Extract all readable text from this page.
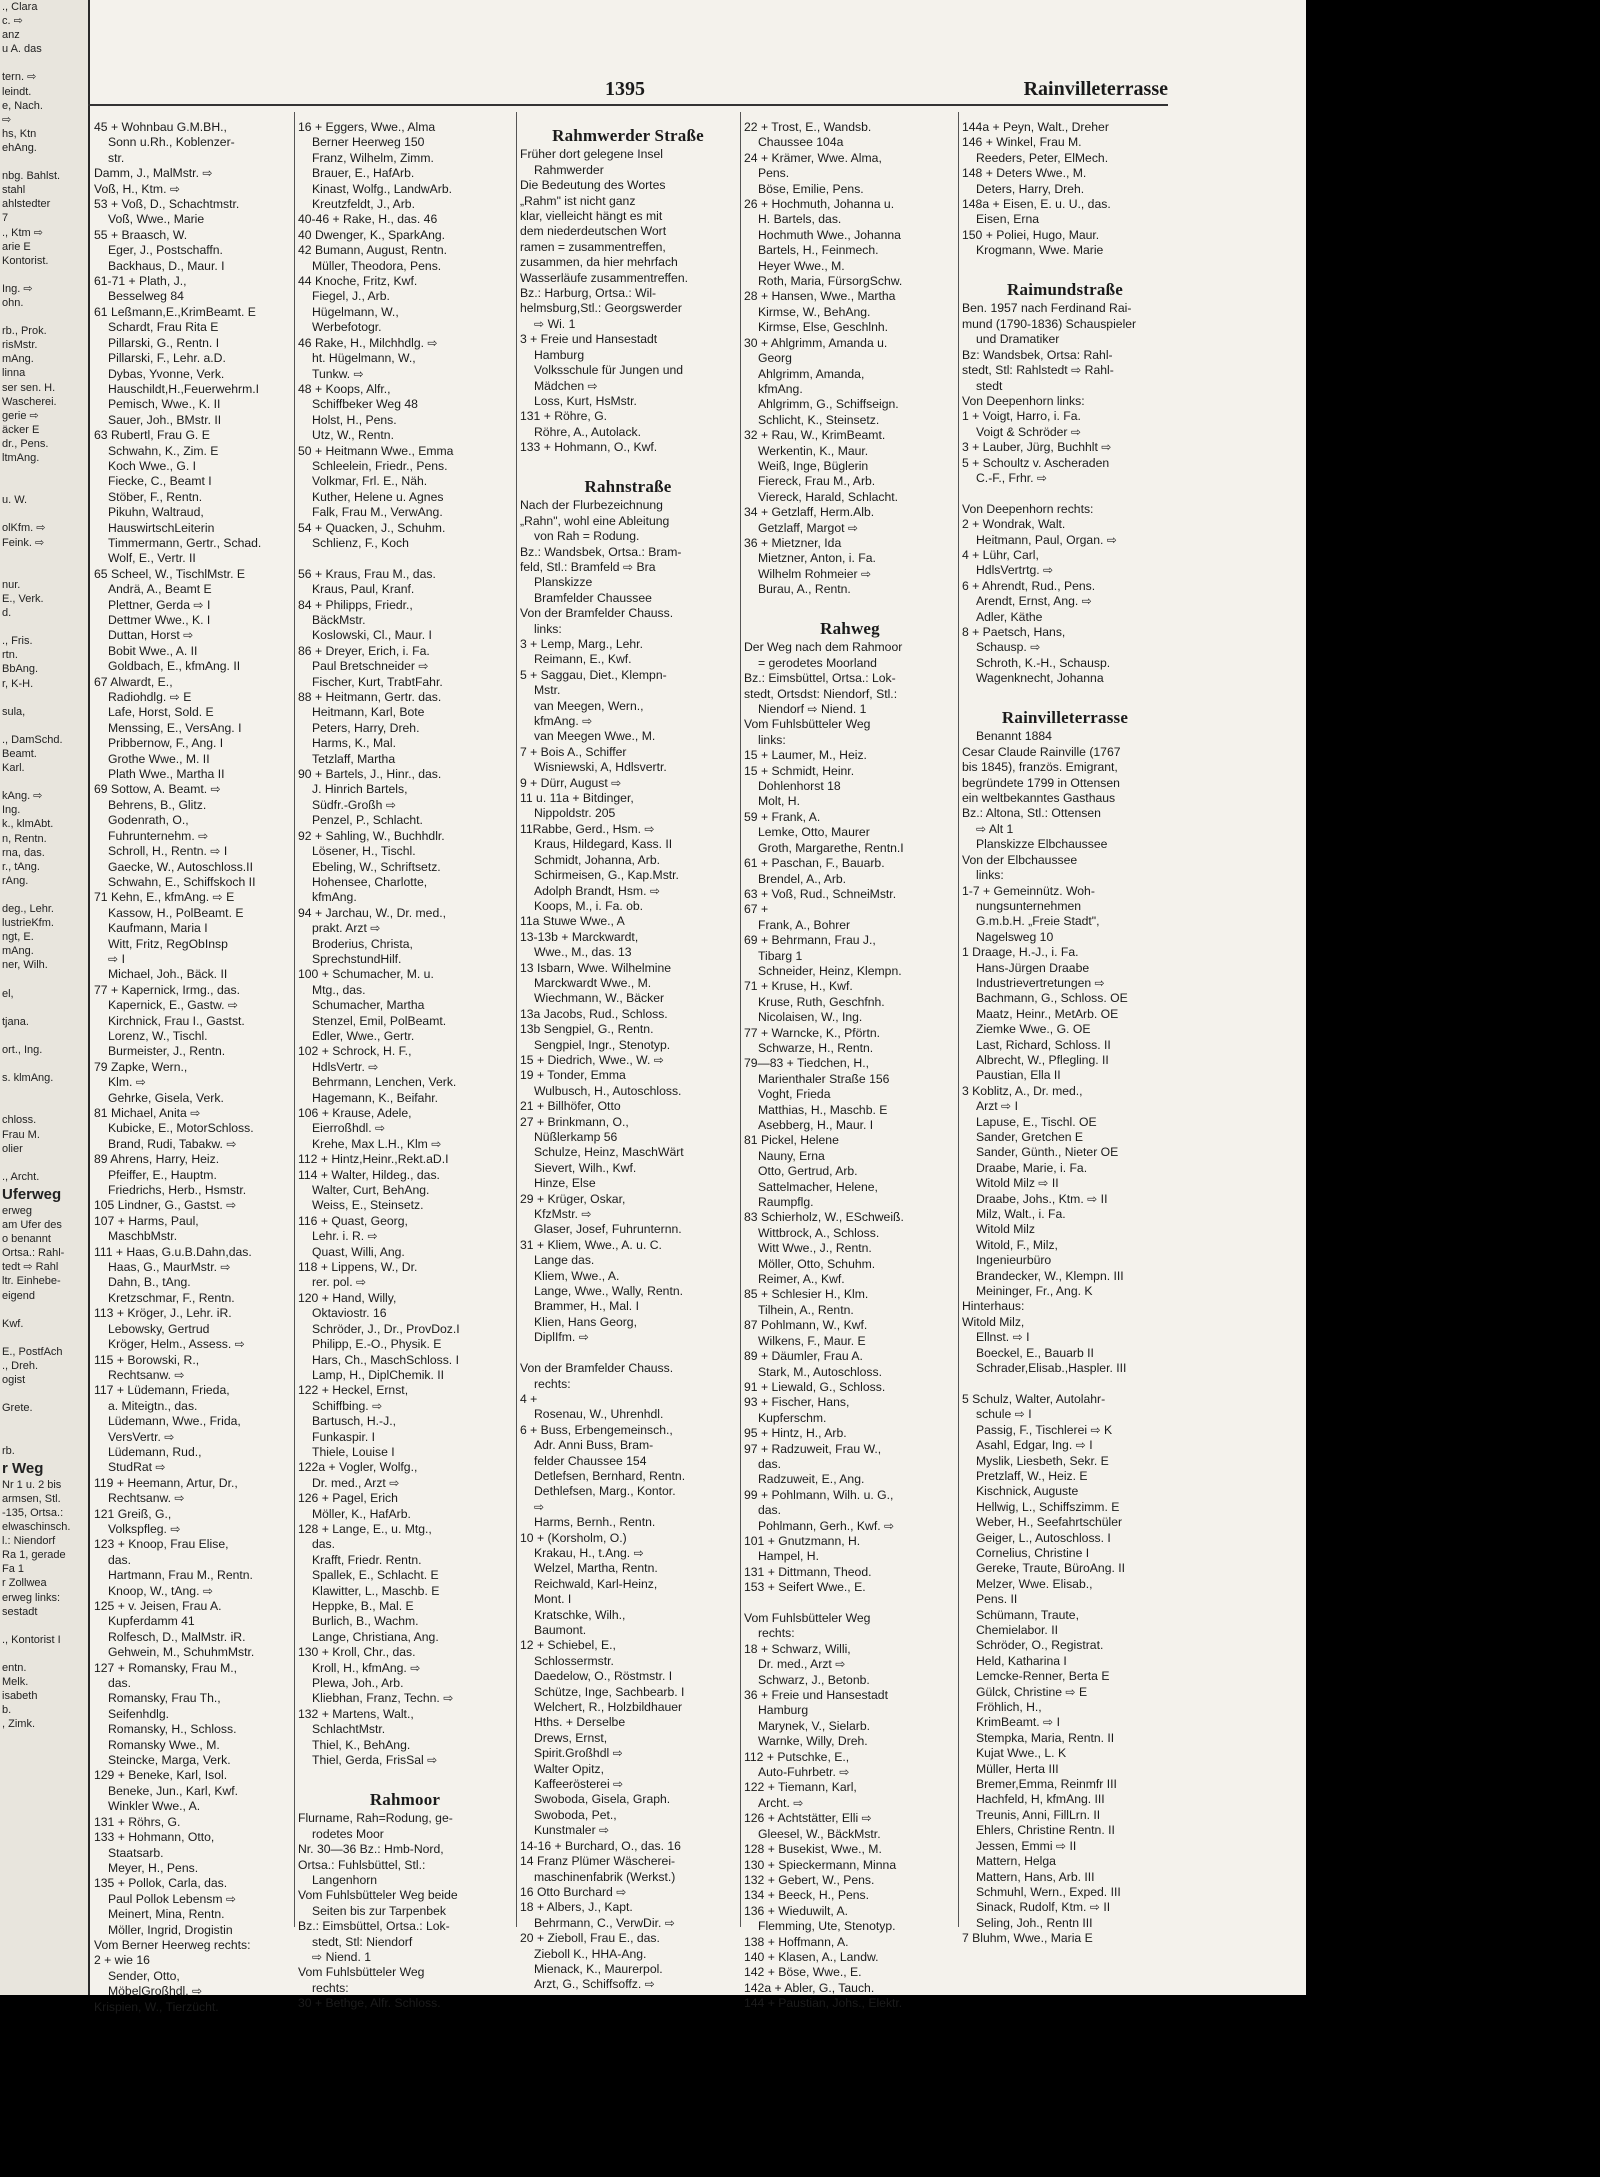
., Clara
c. ⇨
anz
u A. das

tern. ⇨
leindt.
e, Nach.
⇨
hs, Ktn
ehAng.

nbg. Bahlst.
stahl
ahlstedter
7
., Ktm ⇨
arie E
Kontorist.

Ing. ⇨
ohn.

rb., Prok.
risMstr.
mAng.
linna
ser sen. H.
Wascherei.
gerie ⇨
äcker E
dr., Pens.
ltmAng.

u. W.

olKfm. ⇨
Feink. ⇨

nur.
E., Verk.
d.

., Fris.
rtn.
BbAng.
r, K-H.

sula,

., DamSchd.
Beamt.
Karl.

kAng. ⇨
Ing.
k., klmAbt.
n, Rentn.
rna, das.
r., tAng.
rAng.

deg., Lehr.
lustrieKfm.
ngt, E.
mAng.
ner, Wilh.

el,

tjana.

ort., Ing.

s. klmAng.

chloss.
Frau M.
olier

., Archt.
Uferweg
erweg
am Ufer des
o benannt
Ortsa.: Rahl-
tedt ⇨ Rahl
ltr. Einhebe-
eigend

Kwf.

E., PostfAch
., Dreh.
ogist

Grete.

rb.
r Weg
Nr 1 u. 2 bis
armsen, Stl.
-135, Ortsa.:
elwaschinsch.
l.: Niendorf
Ra 1, gerade
Fa 1
r Zollwea
erweg links:
sestadt

., Kontorist I

entn.
Melk.
isabeth
b.
, Zimk.
1395	Rainvilleterrasse
45 + Wohnbau G.M.BH.,
Sonn u.Rh., Koblenzer-
str.
Damm, J., MalMstr. ⇨
Voß, H., Ktm. ⇨
53 + Voß, D., Schachtmstr.
Voß, Wwe., Marie
55 + Braasch, W.
Eger, J., Postschaffn.
Backhaus, D., Maur. I
61-71 + Plath, J.,
Besselweg 84
61 Leßmann,E.,KrimBeamt. E
Schardt, Frau Rita E
Pillarski, G., Rentn. I
Pillarski, F., Lehr. a.D.
Dybas, Yvonne, Verk.
Hauschildt,H.,Feuerwehrm.I
Pemisch, Wwe., K. II
Sauer, Joh., BMstr. II
63 Rubertl, Frau G. E
Schwahn, K., Zim. E
Koch Wwe., G. I
Fiecke, C., Beamt I
Stöber, F., Rentn.
Pikuhn, Waltraud,
HauswirtschLeiterin
Timmermann, Gertr., Schad.
Wolf, E., Vertr. II
65 Scheel, W., TischlMstr. E
Andrä, A., Beamt E
Plettner, Gerda ⇨ I
Dettmer Wwe., K. I
Duttan, Horst ⇨
Bobit Wwe., A. II
Goldbach, E., kfmAng. II
67 Alwardt, E.,
Radiohdlg. ⇨ E
Lafe, Horst, Sold. E
Menssing, E., VersAng. I
Pribbernow, F., Ang. I
Grothe Wwe., M. II
Plath Wwe., Martha II
69 Sottow, A. Beamt. ⇨
Behrens, B., Glitz.
Godenrath, O.,
Fuhrunternehm. ⇨
Schroll, H., Rentn. ⇨ I
Gaecke, W., Autoschloss.II
Schwahn, E., Schiffskoch II
71 Kehn, E., kfmAng. ⇨ E
Kassow, H., PolBeamt. E
Kaufmann, Maria I
Witt, Fritz, RegObInsp
⇨ I
Michael, Joh., Bäck. II
77 + Kapernick, Irmg., das.
Kapernick, E., Gastw. ⇨
Kirchnick, Frau I., Gastst.
Lorenz, W., Tischl.
Burmeister, J., Rentn.
79 Zapke, Wern.,
Klm. ⇨
Gehrke, Gisela, Verk.
81 Michael, Anita ⇨
Kubicke, E., MotorSchloss.
Brand, Rudi, Tabakw. ⇨
89 Ahrens, Harry, Heiz.
Pfeiffer, E., Hauptm.
Friedrichs, Herb., Hsmstr.
105 Lindner, G., Gastst. ⇨
107 + Harms, Paul,
MaschbMstr.
111 + Haas, G.u.B.Dahn,das.
Haas, G., MaurMstr. ⇨
Dahn, B., tAng.
Kretzschmar, F., Rentn.
113 + Kröger, J., Lehr. iR.
Lebowsky, Gertrud
Kröger, Helm., Assess. ⇨
115 + Borowski, R.,
Rechtsanw. ⇨
117 + Lüdemann, Frieda,
a. Miteigtn., das.
Lüdemann, Wwe., Frida,
VersVertr. ⇨
Lüdemann, Rud.,
StudRat ⇨
119 + Heemann, Artur, Dr.,
Rechtsanw. ⇨
121 Greiß, G.,
Volkspfleg. ⇨
123 + Knoop, Frau Elise,
das.
Hartmann, Frau M., Rentn.
Knoop, W., tAng. ⇨
125 + v. Jeisen, Frau A.
Kupferdamm 41
Rolfesch, D., MalMstr. iR.
Gehwein, M., SchuhmMstr.
127 + Romansky, Frau M.,
das.
Romansky, Frau Th.,
Seifenhdlg.
Romansky, H., Schloss.
Romansky Wwe., M.
Steincke, Marga, Verk.
129 + Beneke, Karl, Isol.
Beneke, Jun., Karl, Kwf.
Winkler Wwe., A.
131 + Röhrs, G.
133 + Hohmann, Otto,
Staatsarb.
Meyer, H., Pens.
135 + Pollok, Carla, das.
Paul Pollok Lebensm ⇨
Meinert, Mina, Rentn.
Möller, Ingrid, Drogistin
Vom Berner Heerweg rechts:
2 + wie 16
Sender, Otto,
MöbelGroßhdl. ⇨
Krispien, W., Tierzücht.
16 + Eggers, Wwe., Alma
Berner Heerweg 150
Franz, Wilhelm, Zimm.
Brauer, E., HafArb.
Kinast, Wolfg., LandwArb.
Kreutzfeldt, J., Arb.
40-46 + Rake, H., das. 46
40 Dwenger, K., SparkAng.
42 Bumann, August, Rentn.
Müller, Theodora, Pens.
44 Knoche, Fritz, Kwf.
Fiegel, J., Arb.
Hügelmann, W.,
Werbefotogr.
46 Rake, H., Milchhdlg. ⇨
ht. Hügelmann, W.,
Tunkw. ⇨
48 + Koops, Alfr.,
Schiffbeker Weg 48
Holst, H., Pens.
Utz, W., Rentn.
50 + Heitmann Wwe., Emma
Schleelein, Friedr., Pens.
Volkmar, Frl. E., Näh.
Kuther, Helene u. Agnes
Falk, Frau M., VerwAng.
54 + Quacken, J., Schuhm.
Schlienz, F., Koch

56 + Kraus, Frau M., das.
Kraus, Paul, Kranf.
84 + Philipps, Friedr.,
BäckMstr.
Koslowski, Cl., Maur. I
86 + Dreyer, Erich, i. Fa.
Paul Bretschneider ⇨
Fischer, Kurt, TrabtFahr.
88 + Heitmann, Gertr. das.
Heitmann, Karl, Bote
Peters, Harry, Dreh.
Harms, K., Mal.
Tetzlaff, Martha
90 + Bartels, J., Hinr., das.
J. Hinrich Bartels,
Südfr.-Großh ⇨
Penzel, P., Schlacht.
92 + Sahling, W., Buchhdlr.
Lösener, H., Tischl.
Ebeling, W., Schriftsetz.
Hohensee, Charlotte,
kfmAng.
94 + Jarchau, W., Dr. med.,
prakt. Arzt ⇨
Broderius, Christa,
SprechstundHilf.
100 + Schumacher, M. u.
Mtg., das.
Schumacher, Martha
Stenzel, Emil, PolBeamt.
Edler, Wwe., Gertr.
102 + Schrock, H. F.,
HdlsVertr. ⇨
Behrmann, Lenchen, Verk.
Hagemann, K., Beifahr.
106 + Krause, Adele,
Eierroßhdl. ⇨
Krehe, Max L.H., Klm ⇨
112 + Hintz,Heinr.,Rekt.aD.I
114 + Walter, Hildeg., das.
Walter, Curt, BehAng.
Weiss, E., Steinsetz.
116 + Quast, Georg,
Lehr. i. R. ⇨
Quast, Willi, Ang.
118 + Lippens, W., Dr.
rer. pol. ⇨
120 + Hand, Willy,
Oktaviostr. 16
Schröder, J., Dr., ProvDoz.I
Philipp, E.-O., Physik. E
Hars, Ch., MaschSchloss. I
Lamp, H., DiplChemik. II
122 + Heckel, Ernst,
Schiffbing. ⇨
Bartusch, H.-J.,
Funkaspir. I
Thiele, Louise I
122a + Vogler, Wolfg.,
Dr. med., Arzt ⇨
126 + Pagel, Erich
Möller, K., HafArb.
128 + Lange, E., u. Mtg.,
das.
Krafft, Friedr. Rentn.
Spallek, E., Schlacht. E
Klawitter, L., Maschb. E
Heppke, B., Mal. E
Burlich, B., Wachm.
Lange, Christiana, Ang.
130 + Kroll, Chr., das.
Kroll, H., kfmAng. ⇨
Plewa, Joh., Arb.
Kliebhan, Franz, Techn. ⇨
132 + Martens, Walt.,
SchlachtMstr.
Thiel, K., BehAng.
Thiel, Gerda, FrisSal ⇨

Rahmoor
Flurname, Rah=Rodung, ge-
rodetes Moor
Nr. 30—36 Bz.: Hmb-Nord,
Ortsa.: Fuhlsbüttel, Stl.:
Langenhorn
Vom Fuhlsbütteler Weg beide
Seiten bis zur Tarpenbek
Bz.: Eimsbüttel, Ortsa.: Lok-
stedt, Stl: Niendorf
⇨ Niend. 1
Vom Fuhlsbütteler Weg
rechts:
30 + Bethge, Alfr. Schloss.
Rahmwerder Straße
Früher dort gelegene Insel
Rahmwerder
Die Bedeutung des Wortes
„Rahm" ist nicht ganz
klar, vielleicht hängt es mit
dem niederdeutschen Wort
ramen = zusammentreffen,
zusammen, da hier mehrfach
Wasserläufe zusammentreffen.
Bz.: Harburg, Ortsa.: Wil-
helmsburg,Stl.: Georgswerder
⇨ Wi. 1
3 + Freie und Hansestadt
Hamburg
Volksschule für Jungen und
Mädchen ⇨
Loss, Kurt, HsMstr.
131 + Röhre, G.
Röhre, A., Autolack.
133 + Hohmann, O., Kwf.

Rahnstraße
Nach der Flurbezeichnung
„Rahn", wohl eine Ableitung
von Rah = Rodung.
Bz.: Wandsbek, Ortsa.: Bram-
feld, Stl.: Bramfeld ⇨ Bra
Planskizze
Bramfelder Chaussee
Von der Bramfelder Chauss.
links:
3 + Lemp, Marg., Lehr.
Reimann, E., Kwf.
5 + Saggau, Diet., Klempn-
Mstr.
van Meegen, Wern.,
kfmAng. ⇨
van Meegen Wwe., M.
7 + Bois A., Schiffer
Wisniewski, A, Hdlsvertr.
9 + Dürr, August ⇨
11 u. 11a + Bitdinger,
Nippoldstr. 205
11Rabbe, Gerd., Hsm. ⇨
Kraus, Hildegard, Kass. II
Schmidt, Johanna, Arb.
Schirmeisen, G., Kap.Mstr.
Adolph Brandt, Hsm. ⇨
Koops, M., i. Fa. ob.
11a Stuwe Wwe., A
13-13b + Marckwardt,
Wwe., M., das. 13
13 Isbarn, Wwe. Wilhelmine
Marckwardt Wwe., M.
Wiechmann, W., Bäcker
13a Jacobs, Rud., Schloss.
13b Sengpiel, G., Rentn.
Sengpiel, Ingr., Stenotyp.
15 + Diedrich, Wwe., W. ⇨
19 + Tonder, Emma
Wulbusch, H., Autoschloss.
21 + Billhöfer, Otto
27 + Brinkmann, O.,
Nüßlerkamp 56
Schulze, Heinz, MaschWärt
Sievert, Wilh., Kwf.
Hinze, Else
29 + Krüger, Oskar,
KfzMstr. ⇨
Glaser, Josef, Fuhrunternn.
31 + Kliem, Wwe., A. u. C.
Lange das.
Kliem, Wwe., A.
Lange, Wwe., Wally, Rentn.
Brammer, H., Mal. I
Klien, Hans Georg,
DiplIfm. ⇨

Von der Bramfelder Chauss.
rechts:
4 +
Rosenau, W., Uhrenhdl.
6 + Buss, Erbengemeinsch.,
Adr. Anni Buss, Bram-
felder Chaussee 154
Detlefsen, Bernhard, Rentn.
Dethlefsen, Marg., Kontor.
⇨
Harms, Bernh., Rentn.
10 + (Korsholm, O.)
Krakau, H., t.Ang. ⇨
Welzel, Martha, Rentn.
Reichwald, Karl-Heinz,
Mont. I
Kratschke, Wilh.,
Baumont.
12 + Schiebel, E.,
Schlossermstr.
Daedelow, O., Röstmstr. I
Schütze, Inge, Sachbearb. I
Welchert, R., Holzbildhauer
Hths. + Derselbe
Drews, Ernst,
Spirit.Großhdl ⇨
Walter Opitz,
Kaffeerösterei ⇨
Swoboda, Gisela, Graph.
Swoboda, Pet.,
Kunstmaler ⇨
14-16 + Burchard, O., das. 16
14 Franz Plümer Wäscherei-
maschinenfabrik (Werkst.)
16 Otto Burchard ⇨
18 + Albers, J., Kapt.
Behrmann, C., VerwDir. ⇨
20 + Zieboll, Frau E., das.
Zieboll K., HHA-Ang.
Mienack, K., Maurerpol.
Arzt, G., Schiffsoffz. ⇨
22 + Trost, E., Wandsb.
Chaussee 104a
24 + Krämer, Wwe. Alma,
Pens.
Böse, Emilie, Pens.
26 + Hochmuth, Johanna u.
H. Bartels, das.
Hochmuth Wwe., Johanna
Bartels, H., Feinmech.
Heyer Wwe., M.
Roth, Maria, FürsorgSchw.
28 + Hansen, Wwe., Martha
Kirmse, W., BehAng.
Kirmse, Else, Geschlnh.
30 + Ahlgrimm, Amanda u.
Georg
Ahlgrimm, Amanda,
kfmAng.
Ahlgrimm, G., Schiffseign.
Schlicht, K., Steinsetz.
32 + Rau, W., KrimBeamt.
Werkentin, K., Maur.
Weiß, Inge, Büglerin
Fiereck, Frau M., Arb.
Viereck, Harald, Schlacht.
34 + Getzlaff, Herm.Alb.
Getzlaff, Margot ⇨
36 + Mietzner, Ida
Mietzner, Anton, i. Fa.
Wilhelm Rohmeier ⇨
Burau, A., Rentn.

Rahweg
Der Weg nach dem Rahmoor
= gerodetes Moorland
Bz.: Eimsbüttel, Ortsa.: Lok-
stedt, Ortsdst: Niendorf, Stl.:
Niendorf ⇨ Niend. 1
Vom Fuhlsbütteler Weg
links:
15 + Laumer, M., Heiz.
15 + Schmidt, Heinr.
Dohlenhorst 18
Molt, H.
59 + Frank, A.
Lemke, Otto, Maurer
Groth, Margarethe, Rentn.I
61 + Paschan, F., Bauarb.
Brendel, A., Arb.
63 + Voß, Rud., SchneiMstr.
67 +
Frank, A., Bohrer
69 + Behrmann, Frau J.,
Tibarg 1
Schneider, Heinz, Klempn.
71 + Kruse, H., Kwf.
Kruse, Ruth, Geschfnh.
Nicolaisen, W., Ing.
77 + Warncke, K., Pförtn.
Schwarze, H., Rentn.
79—83 + Tiedchen, H.,
Marienthaler Straße 156
Voght, Frieda
Matthias, H., Maschb. E
Asebberg, H., Maur. I
81 Pickel, Helene
Nauny, Erna
Otto, Gertrud, Arb.
Sattelmacher, Helene,
Raumpflg.
83 Schierholz, W., ESchweiß.
Wittbrock, A., Schloss.
Witt Wwe., J., Rentn.
Möller, Otto, Schuhm.
Reimer, A., Kwf.
85 + Schlesier H., Klm.
Tilhein, A., Rentn.
87 Pohlmann, W., Kwf.
Wilkens, F., Maur. E
89 + Däumler, Frau A.
Stark, M., Autoschloss.
91 + Liewald, G., Schloss.
93 + Fischer, Hans,
Kupferschm.
95 + Hintz, H., Arb.
97 + Radzuweit, Frau W.,
das.
Radzuweit, E., Ang.
99 + Pohlmann, Wilh. u. G.,
das.
Pohlmann, Gerh., Kwf. ⇨
101 + Gnutzmann, H.
Hampel, H.
131 + Dittmann, Theod.
153 + Seifert Wwe., E.

Vom Fuhlsbütteler Weg
rechts:
18 + Schwarz, Willi,
Dr. med., Arzt ⇨
Schwarz, J., Betonb.
36 + Freie und Hansestadt
Hamburg
Marynek, V., Sielarb.
Warnke, Willy, Dreh.
112 + Putschke, E.,
Auto-Fuhrbetr. ⇨
122 + Tiemann, Karl,
Archt. ⇨
126 + Achtstätter, Elli ⇨
Gleesel, W., BäckMstr.
128 + Busekist, Wwe., M.
130 + Spieckermann, Minna
132 + Gebert, W., Pens.
134 + Beeck, H., Pens.
136 + Wieduwilt, A.
Flemming, Ute, Stenotyp.
138 + Hoffmann, A.
140 + Klasen, A., Landw.
142 + Böse, Wwe., E.
142a + Abler, G., Tauch.
144 + Paustian, Johs., Elektr.
144a + Peyn, Walt., Dreher
146 + Winkel, Frau M.
Reeders, Peter, ElMech.
148 + Deters Wwe., M.
Deters, Harry, Dreh.
148a + Eisen, E. u. U., das.
Eisen, Erna
150 + Poliei, Hugo, Maur.
Krogmann, Wwe. Marie

Raimundstraße
Ben. 1957 nach Ferdinand Rai-
mund (1790-1836) Schauspieler
und Dramatiker
Bz: Wandsbek, Ortsa: Rahl-
stedt, Stl: Rahlstedt ⇨ Rahl-
stedt
Von Deepenhorn links:
1 + Voigt, Harro, i. Fa.
Voigt & Schröder ⇨
3 + Lauber, Jürg, Buchhlt ⇨
5 + Schoultz v. Ascheraden
C.-F., Frhr. ⇨

Von Deepenhorn rechts:
2 + Wondrak, Walt.
Heitmann, Paul, Organ. ⇨
4 + Lühr, Carl,
HdlsVertrtg. ⇨
6 + Ahrendt, Rud., Pens.
Arendt, Ernst, Ang. ⇨
Adler, Käthe
8 + Paetsch, Hans,
Schausp. ⇨
Schroth, K.-H., Schausp.
Wagenknecht, Johanna

Rainvilleterrasse
Benannt 1884
Cesar Claude Rainville (1767
bis 1845), französ. Emigrant,
begründete 1799 in Ottensen
ein weltbekanntes Gasthaus
Bz.: Altona, Stl.: Ottensen
⇨ Alt 1
Planskizze Elbchaussee
Von der Elbchaussee
links:
1-7 + Gemeinnütz. Woh-
nungsunternehmen
G.m.b.H. „Freie Stadt",
Nagelsweg 10
1 Draage, H.-J., i. Fa.
Hans-Jürgen Draabe
Industrievertretungen ⇨
Bachmann, G., Schloss. OE
Maatz, Heinr., MetArb. OE
Ziemke Wwe., G. OE
Last, Richard, Schloss. II
Albrecht, W., Pflegling. II
Paustian, Ella II
3 Koblitz, A., Dr. med.,
Arzt ⇨ I
Lapuse, E., Tischl. OE
Sander, Gretchen E
Sander, Günth., Nieter OE
Draabe, Marie, i. Fa.
Witold Milz ⇨ II
Draabe, Johs., Ktm. ⇨ II
Milz, Walt., i. Fa.
Witold Milz
Witold, F., Milz,
Ingenieurbüro
Brandecker, W., Klempn. III
Meininger, Fr., Ang. K
Hinterhaus:
Witold Milz,
Ellnst. ⇨ I
Boeckel, E., Bauarb II
Schrader,Elisab.,Haspler. III

5 Schulz, Walter, Autolahr-
schule ⇨ I
Passig, F., Tischlerei ⇨ K
Asahl, Edgar, Ing. ⇨ I
Myslik, Liesbeth, Sekr. E
Pretzlaff, W., Heiz. E
Kischnick, Auguste
Hellwig, L., Schiffszimm. E
Weber, H., Seefahrtschüler
Geiger, L., Autoschloss. I
Cornelius, Christine I
Gereke, Traute, BüroAng. II
Melzer, Wwe. Elisab.,
Pens. II
Schümann, Traute,
Chemielabor. II
Schröder, O., Registrat.
Held, Katharina I
Lemcke-Renner, Berta E
Gülck, Christine ⇨ E
Fröhlich, H.,
KrimBeamt. ⇨ I
Stempka, Maria, Rentn. II
Kujat Wwe., L. K
Müller, Herta III
Bremer,Emma, Reinmfr III
Hachfeld, H, kfmAng. III
Treunis, Anni, FillLrn. II
Ehlers, Christine Rentn. II
Jessen, Emmi ⇨ II
Mattern, Helga
Mattern, Hans, Arb. III
Schmuhl, Wern., Exped. III
Sinack, Rudolf, Ktm. ⇨ II
Seling, Joh., Rentn III
7 Bluhm, Wwe., Maria E
